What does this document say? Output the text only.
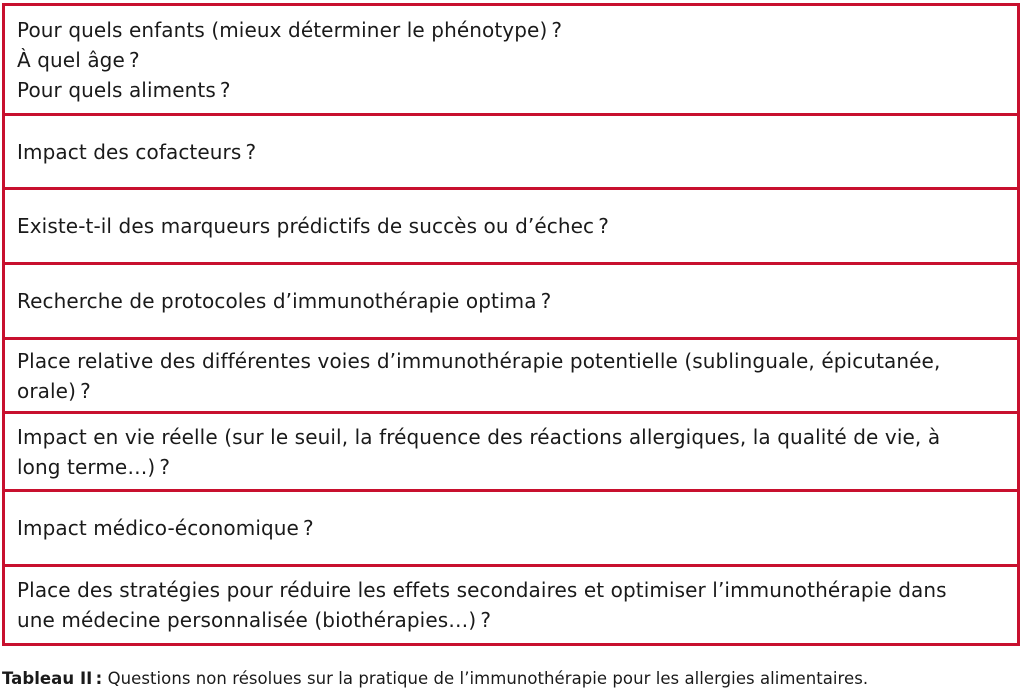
Pour quels enfants (mieux déterminer le phénotype) ?
À quel âge ?
Pour quels aliments ?
Impact des cofacteurs ?
Existe-t-il des marqueurs prédictifs de succès ou d’échec ?
Recherche de protocoles d’immunothérapie optima ?
Place relative des différentes voies d’immunothérapie potentielle (sublinguale, épicutanée,
orale) ?
Impact en vie réelle (sur le seuil, la fréquence des réactions allergiques, la qualité de vie, à
long terme…) ?
Impact médico-économique ?
Place des stratégies pour réduire les effets secondaires et optimiser l’immunothérapie dans
une médecine personnalisée (biothérapies…) ?
Tableau II : Questions non résolues sur la pratique de l’immunothérapie pour les allergies alimentaires.
